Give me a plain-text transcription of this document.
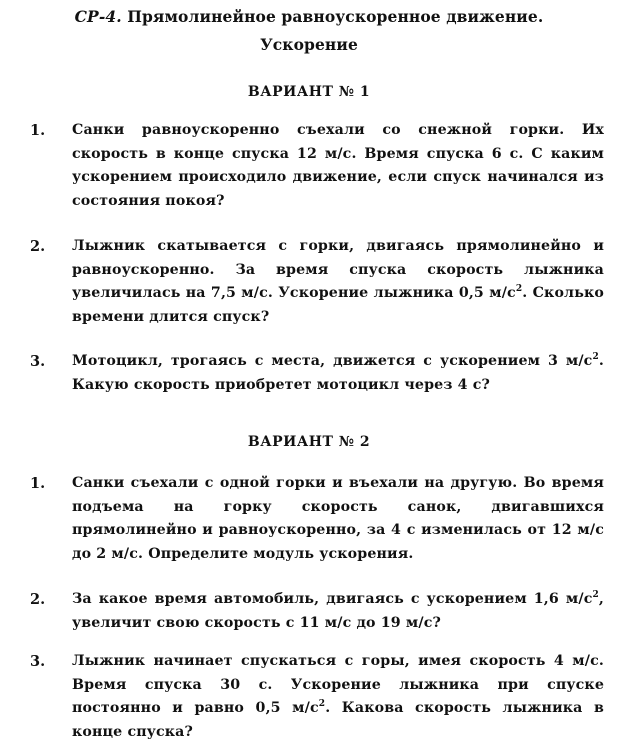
СР-4. Прямолинейное равноускоренное движение.
Ускорение
ВАРИАНТ № 1
1. Санки равноускоренно съехали со снежной горки. Их скорость в конце спуска 12 м/с. Время спуска 6 с. С каким ускорением происходило движение, если спуск начинался из состояния покоя?
2. Лыжник скатывается с горки, двигаясь прямолинейно и равноускоренно. За время спуска скорость лыжника увеличилась на 7,5 м/с. Ускорение лыжника 0,5 $м/с^2$. Сколько времени длится спуск?
3. Мотоцикл, трогаясь с места, движется с ускорением 3 $м/с^2$. Какую скорость приобретет мотоцикл через 4 с?
ВАРИАНТ № 2
1. Санки съехали с одной горки и въехали на другую. Во время подъема на горку скорость санок, двигавшихся прямолинейно и равноускоренно, за 4 с изменилась от 12 м/с до 2 м/с. Определите модуль ускорения.
2. За какое время автомобиль, двигаясь с ускорением 1,6 $м/с^2$, увеличит свою скорость с 11 м/с до 19 м/с?
3. Лыжник начинает спускаться с горы, имея скорость 4 м/с. Время спуска 30 с. Ускорение лыжника при спуске постоянно и равно 0,5 $м/с^2$. Какова скорость лыжника в конце спуска?
